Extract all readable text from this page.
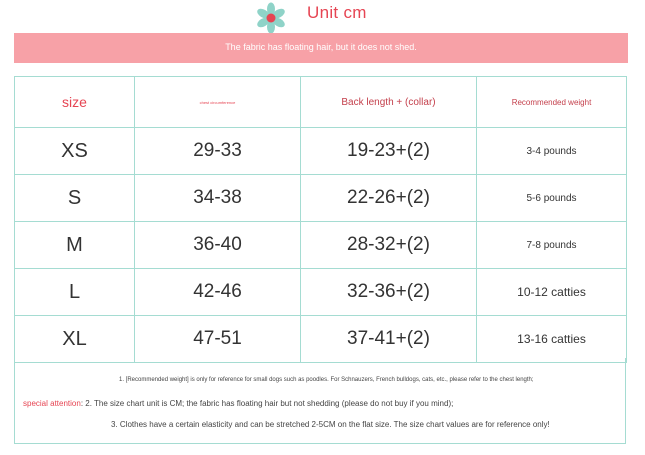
Unit cm
The fabric has floating hair, but it does not shed.
size	chest circumference	Back length + (collar)	Recommended weight
XS	29-33	19-23+(2)	3-4 pounds
S	34-38	22-26+(2)	5-6 pounds
M	36-40	28-32+(2)	7-8 pounds
L	42-46	32-36+(2)	10-12 catties
XL	47-51	37-41+(2)	13-16 catties
1. [Recommended weight] is only for reference for small dogs such as poodles. For Schnauzers, French bulldogs, cats, etc., please refer to the chest length;
special attention: 2. The size chart unit is CM; the fabric has floating hair but not shedding (please do not buy if you mind);
3. Clothes have a certain elasticity and can be stretched 2-5CM on the flat size. The size chart values are for reference only!
